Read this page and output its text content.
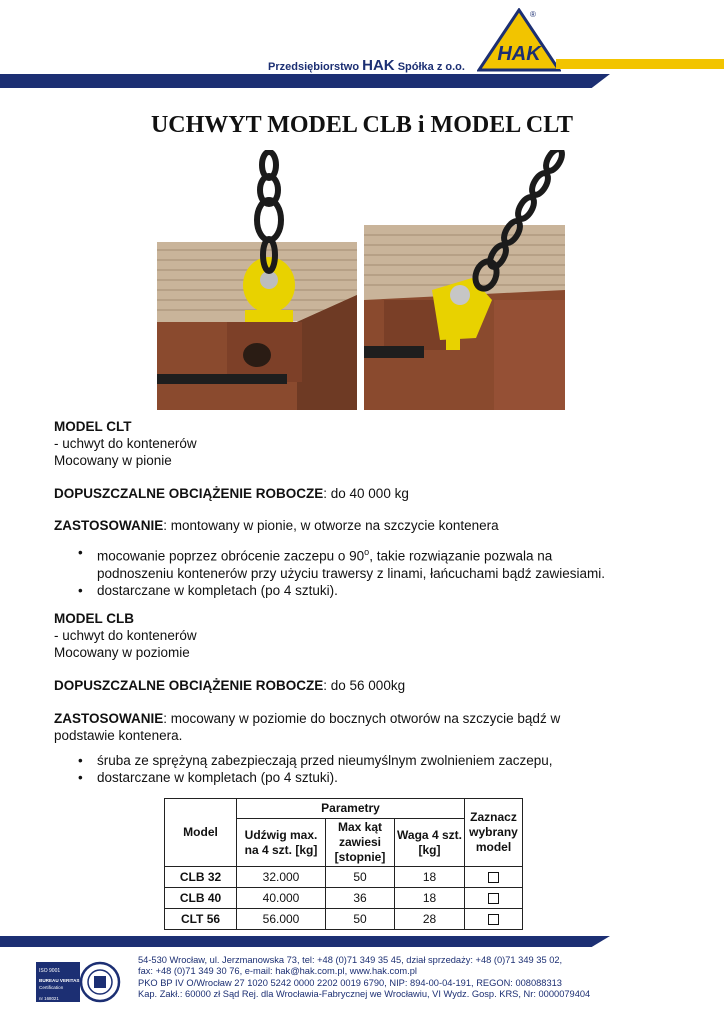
Przedsiębiorstwo HAK Spółka z o.o.
HAK
®
UCHWYT MODEL CLB i MODEL CLT
MODEL CLT
- uchwyt do kontenerów
Mocowany w pionie
DOPUSZCZALNE OBCIĄŻENIE ROBOCZE: do 40 000 kg
ZASTOSOWANIE: montowany w pionie, w otworze na szczycie kontenera
• mocowanie poprzez obrócenie zaczepu o 90$^o$, takie rozwiązanie pozwala na
podnoszeniu kontenerów przy użyciu trawersy z linami, łańcuchami bądź zawiesiami.
• dostarczane w kompletach (po 4 sztuki).
MODEL CLB
- uchwyt do kontenerów
Mocowany w poziomie
DOPUSZCZALNE OBCIĄŻENIE ROBOCZE: do 56 000kg
ZASTOSOWANIE: mocowany w poziomie do bocznych otworów na szczycie bądź w
podstawie kontenera.
• śruba ze sprężyną zabezpieczają przed nieumyślnym zwolnieniem zaczepu,
• dostarczane w kompletach (po 4 sztuki).
Model	Parametry			Zaznacz wybrany model
	Udźwig max. na 4 szt. [kg]	Max kąt zawiesi [stopnie]	Waga 4 szt. [kg]	
CLB 32	32.000	50	18	
CLB 40	40.000	36	18	
CLT 56	56.000	50	28	
ISO 9001
BUREAU VERITAS
Certification
nr 168021
54-530 Wrocław, ul. Jerzmanowska 73, tel: +48 (0)71 349 35 45, dział sprzedaży: +48 (0)71 349 35 02,
fax: +48 (0)71 349 30 76, e-mail: hak@hak.com.pl, www.hak.com.pl
PKO BP IV O/Wrocław 27 1020 5242 0000 2202 0019 6790, NIP: 894-00-04-191, REGON: 008088313
Kap. Zakł.: 60000 zł Sąd Rej. dla Wrocławia-Fabrycznej we Wrocławiu, VI Wydz. Gosp. KRS, Nr: 0000079404
